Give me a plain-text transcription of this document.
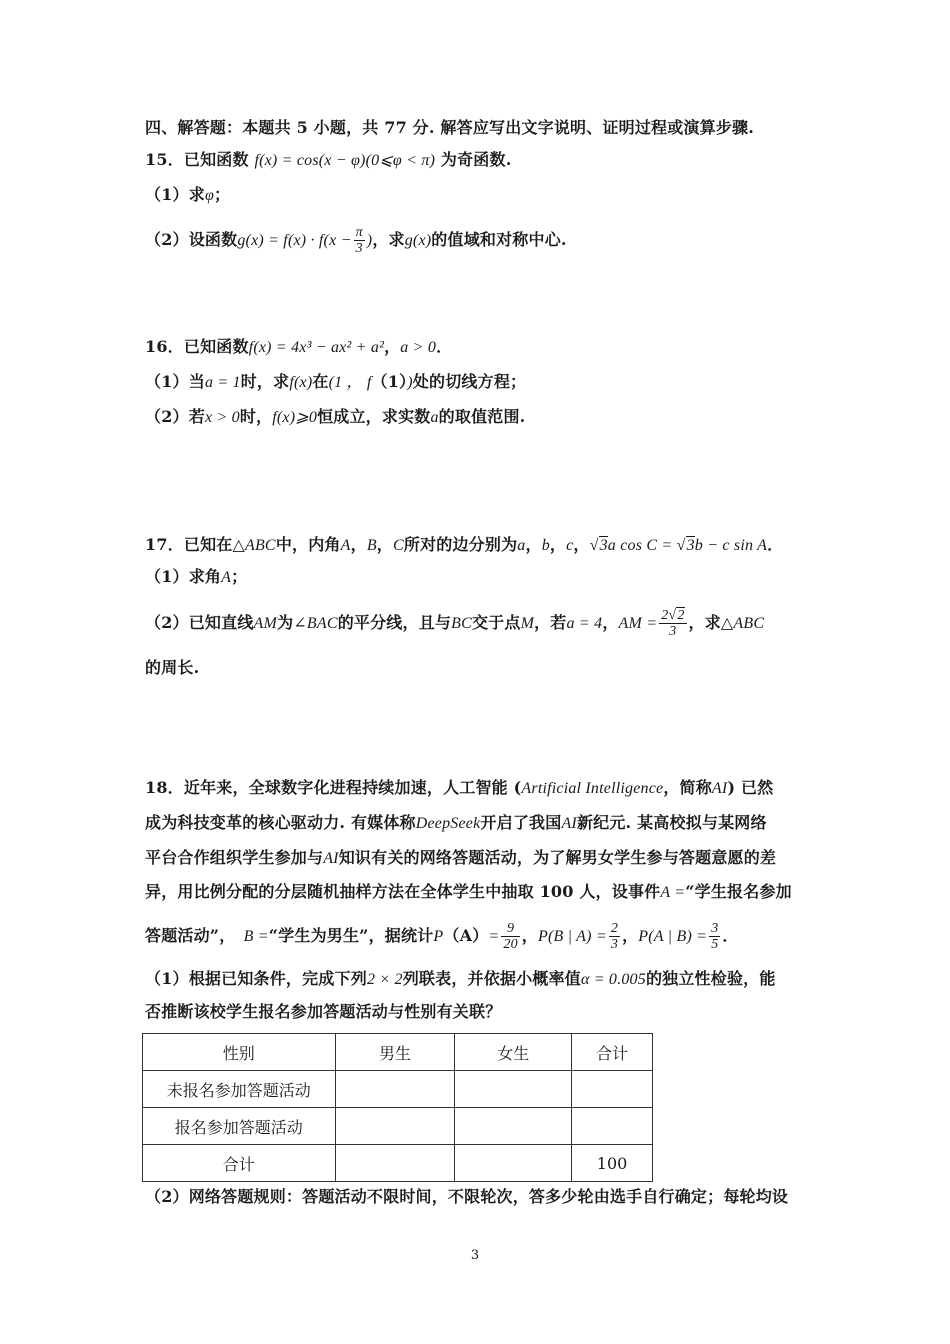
四、解答题：本题共 5 小题，共 77 分. 解答应写出文字说明、证明过程或演算步骤.
15．已知函数 f(x) = cos(x − φ)(0⩽φ < π) 为奇函数.
（1）求φ；
（2）设函数$g(x) = f(x) \cdot f(x - \frac{\pi}{3}$ )，求g(x)的值域和对称中心.
16．已知函数f(x) = 4x³ − ax² + a²，a > 0．
（1）当a = 1时，求f(x)在(1 ， f（1）)处的切线方程；
（2）若x > 0时，f(x)⩾0恒成立，求实数a的取值范围.
17．已知在△ABC中，内角A，B，C所对的边分别为a，b，c，√3a cos C = √3b − c sin A．
（1）求角A；
（2）已知直线AM为∠BAC的平分线，且与BC交于点M，若a = 4，AM = $\frac{2√2}{3}$ ，求△ABC
的周长.
18．近年来，全球数字化进程持续加速，人工智能 (Artificial Intelligence，简称AI) 已然
成为科技变革的核心驱动力. 有媒体称DeepSeek开启了我国AI新纪元. 某高校拟与某网络
平台合作组织学生参加与AI知识有关的网络答题活动，为了解男女学生参与答题意愿的差
异，用比例分配的分层随机抽样方法在全体学生中抽取 100 人，设事件A =“学生报名参加
答题活动”，　 B =“学生为男生”，据统计$P(A)= \frac{9}{20}$ ，P(B | $A) = \frac{2}{3}$ ，P(A | $B) = \frac{3}{5}$ ．
（1）根据已知条件，完成下列2 × 2列联表，并依据小概率值α = 0.005的独立性检验，能
否推断该校学生报名参加答题活动与性别有关联？
性别	男生	女生	合计
未报名参加答题活动			
报名参加答题活动			
合计			100
（2）网络答题规则：答题活动不限时间，不限轮次，答多少轮由选手自行确定；每轮均设
3
